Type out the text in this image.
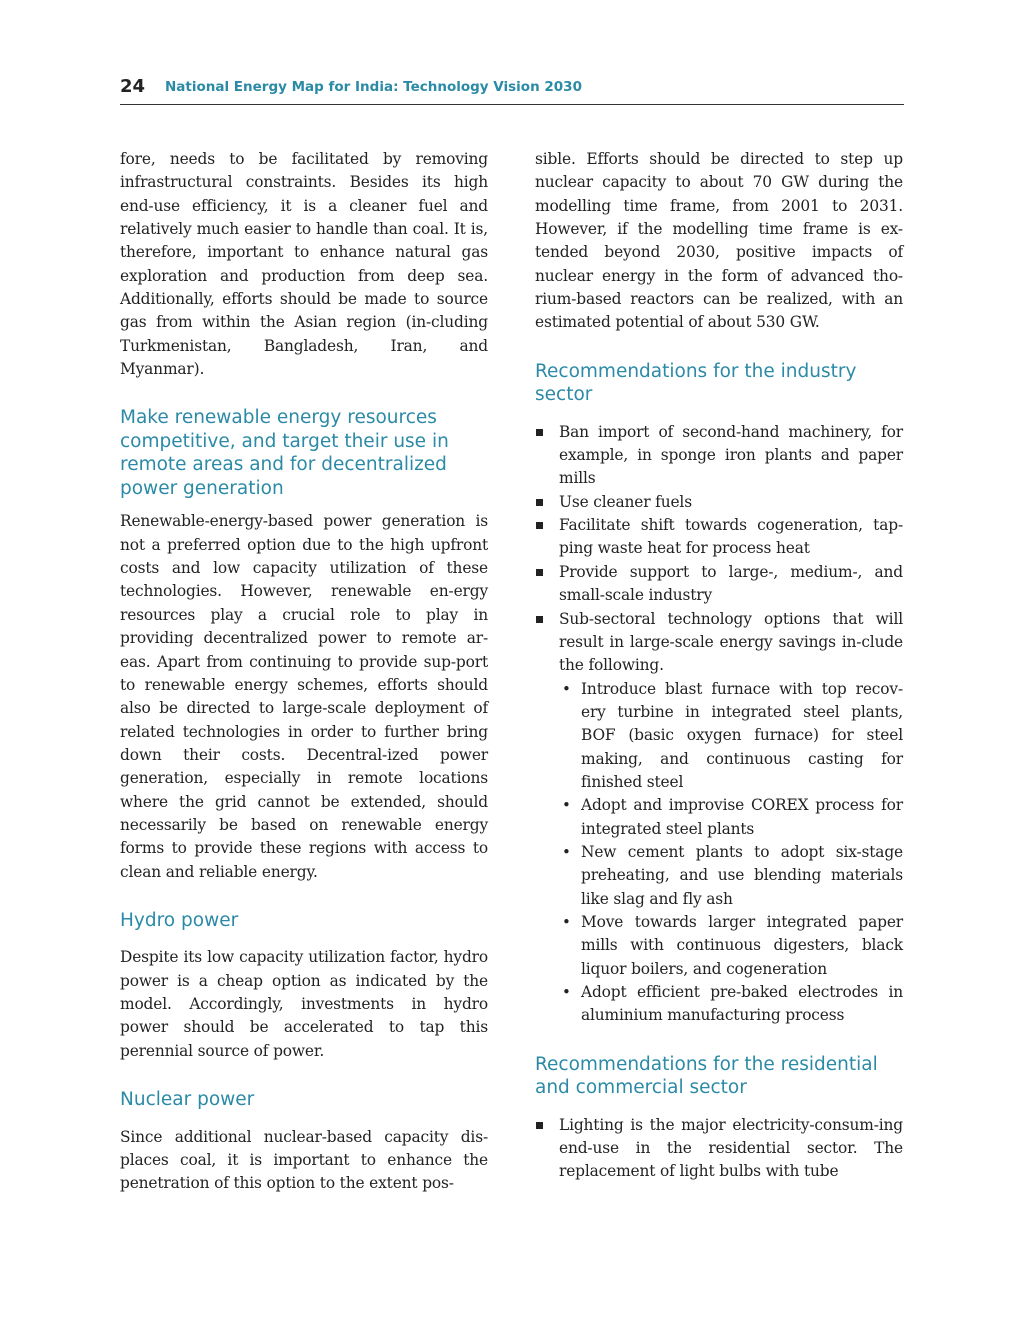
24 National Energy Map for India: Technology Vision 2030

fore, needs to be facilitated by removing infrastructural constraints. Besides its high end-use efficiency, it is a cleaner fuel and relatively much easier to handle than coal. It is, therefore, important to enhance natural gas exploration and production from deep sea. Additionally, efforts should be made to source gas from within the Asian region (in-cluding Turkmenistan, Bangladesh, Iran, and Myanmar).

Make renewable energy resources competitive, and target their use in remote areas and for decentralized power generation

Renewable-energy-based power generation is not a preferred option due to the high upfront costs and low capacity utilization of these technologies. However, renewable en-ergy resources play a crucial role to play in providing decentralized power to remote ar-eas. Apart from continuing to provide sup-port to renewable energy schemes, efforts should also be directed to large-scale deployment of related technologies in order to further bring down their costs. Decentral-ized power generation, especially in remote locations where the grid cannot be extended, should necessarily be based on renewable energy forms to provide these regions with access to clean and reliable energy.

Hydro power

Despite its low capacity utilization factor, hydro power is a cheap option as indicated by the model. Accordingly, investments in hydro power should be accelerated to tap this perennial source of power.

Nuclear power

Since additional nuclear-based capacity dis-places coal, it is important to enhance the penetration of this option to the extent pos-

sible. Efforts should be directed to step up nuclear capacity to about 70 GW during the modelling time frame, from 2001 to 2031. However, if the modelling time frame is ex-tended beyond 2030, positive impacts of nuclear energy in the form of advanced tho-rium-based reactors can be realized, with an estimated potential of about 530 GW.

Recommendations for the industry sector
Ban import of second-hand machinery, for example, in sponge iron plants and paper mills
Use cleaner fuels
Facilitate shift towards cogeneration, tap-ping waste heat for process heat
Provide support to large-, medium-, and small-scale industry
Sub-sectoral technology options that will result in large-scale energy savings in-clude the following.
• Introduce blast furnace with top recov-ery turbine in integrated steel plants, BOF (basic oxygen furnace) for steel making, and continuous casting for finished steel
• Adopt and improvise COREX process for integrated steel plants
• New cement plants to adopt six-stage preheating, and use blending materials like slag and fly ash
• Move towards larger integrated paper mills with continuous digesters, black liquor boilers, and cogeneration
• Adopt efficient pre-baked electrodes in aluminium manufacturing process
Recommendations for the residential and commercial sector
Lighting is the major electricity-consum-ing end-use in the residential sector. The replacement of light bulbs with tube
